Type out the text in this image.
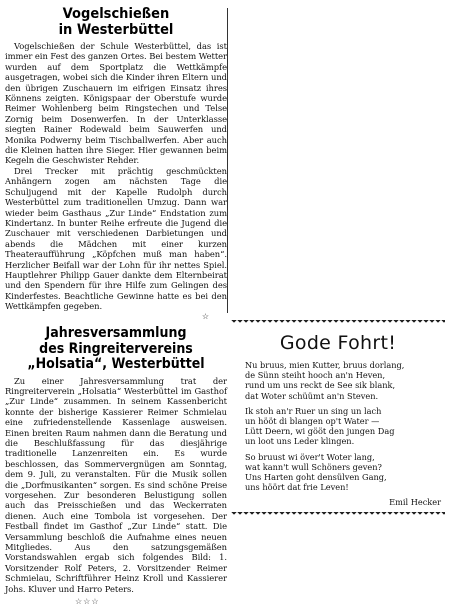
Vogelschießen
in Westerbüttel

Vogelschießen der Schule Westerbüttel, das ist immer ein Fest des ganzen Ortes. Bei bestem Wetter wurden auf dem Sportplatz die Wettkämpfe ausgetragen, wobei sich die Kinder ihren Eltern und den übrigen Zuschauern im eifrigen Einsatz ihres Könnens zeigten. Königspaar der Oberstufe wurde Reimer Wohlenberg beim Ringstechen und Telse Zornig beim Dosenwerfen. In der Unterklasse siegten Rainer Rodewald beim Sauwerfen und Monika Podwerny beim Tischballwerfen. Aber auch die Kleinen hatten ihre Sieger. Hier gewannen beim Kegeln die Geschwister Rehder.

Drei Trecker mit prächtig geschmückten Anhängern zogen am nächsten Tage die Schuljugend mit der Kapelle Rudolph durch Westerbüttel zum traditionellen Umzug. Dann war wieder beim Gasthaus „Zur Linde“ Endstation zum Kindertanz. In bunter Reihe erfreute die Jugend die Zuschauer mit verschiedenen Darbietungen und abends die Mädchen mit einer kurzen Theateraufführung „Köpfchen muß man haben“. Herzlicher Beifall war der Lohn für ihr nettes Spiel. Hauptlehrer Philipp Gauer dankte dem Elternbeirat und den Spendern für ihre Hilfe zum Gelingen des Kinderfestes. Beachtliche Gewinne hatte es bei den Wettkämpfen gegeben.

☆
Jahresversammlung
des Ringreitervereins
„Holsatia“, Westerbüttel

Zu einer Jahresversammlung trat der Ringreiterverein „Holsatia“ Westerbüttel im Gasthof „Zur Linde“ zusammen. In seinem Kassenbericht konnte der bisherige Kassierer Reimer Schmielau eine zufriedenstellende Kassenlage ausweisen. Einen breiten Raum nahmen dann die Beratung und die Beschlußfassung für das diesjährige traditionelle Lanzenreiten ein. Es wurde beschlossen, das Sommervergnügen am Sonntag, dem 9. Juli, zu veranstalten. Für die Musik sollen die „Dorfmusikanten“ sorgen. Es sind schöne Preise vorgesehen. Zur besonderen Belustigung sollen auch das Preisschießen und das Weckerraten dienen. Auch eine Tombola ist vorgesehen. Der Festball findet im Gasthof „Zur Linde“ statt. Die Versammlung beschloß die Aufnahme eines neuen Mitgliedes. Aus den satzungsgemäßen Vorstandswahlen ergab sich folgendes Bild: 1. Vorsitzender Rolf Peters, 2. Vorsitzender Reimer Schmielau, Schriftführer Heinz Kroll und Kassierer Johs. Kluver und Harro Peters.

☆☆☆
Gode Fohrt!
Nu bruus, mien Kutter, bruus dorlang,
de Sünn steiht hooch an'n Heven,
rund um uns reckt de See sik blank,
dat Woter schüümt an'n Steven.
Ik stoh an'r Ruer un sing un lach
un hööt di blangen op't Water —
Lütt Deern, wi gööt den jungen Dag
un loot uns Leder klingen.
So bruust wi över't Woter lang,
wat kann't wull Schöners geven?
Uns Harten goht densülven Gang,
uns höört dat frie Leven!
Emil Hecker
